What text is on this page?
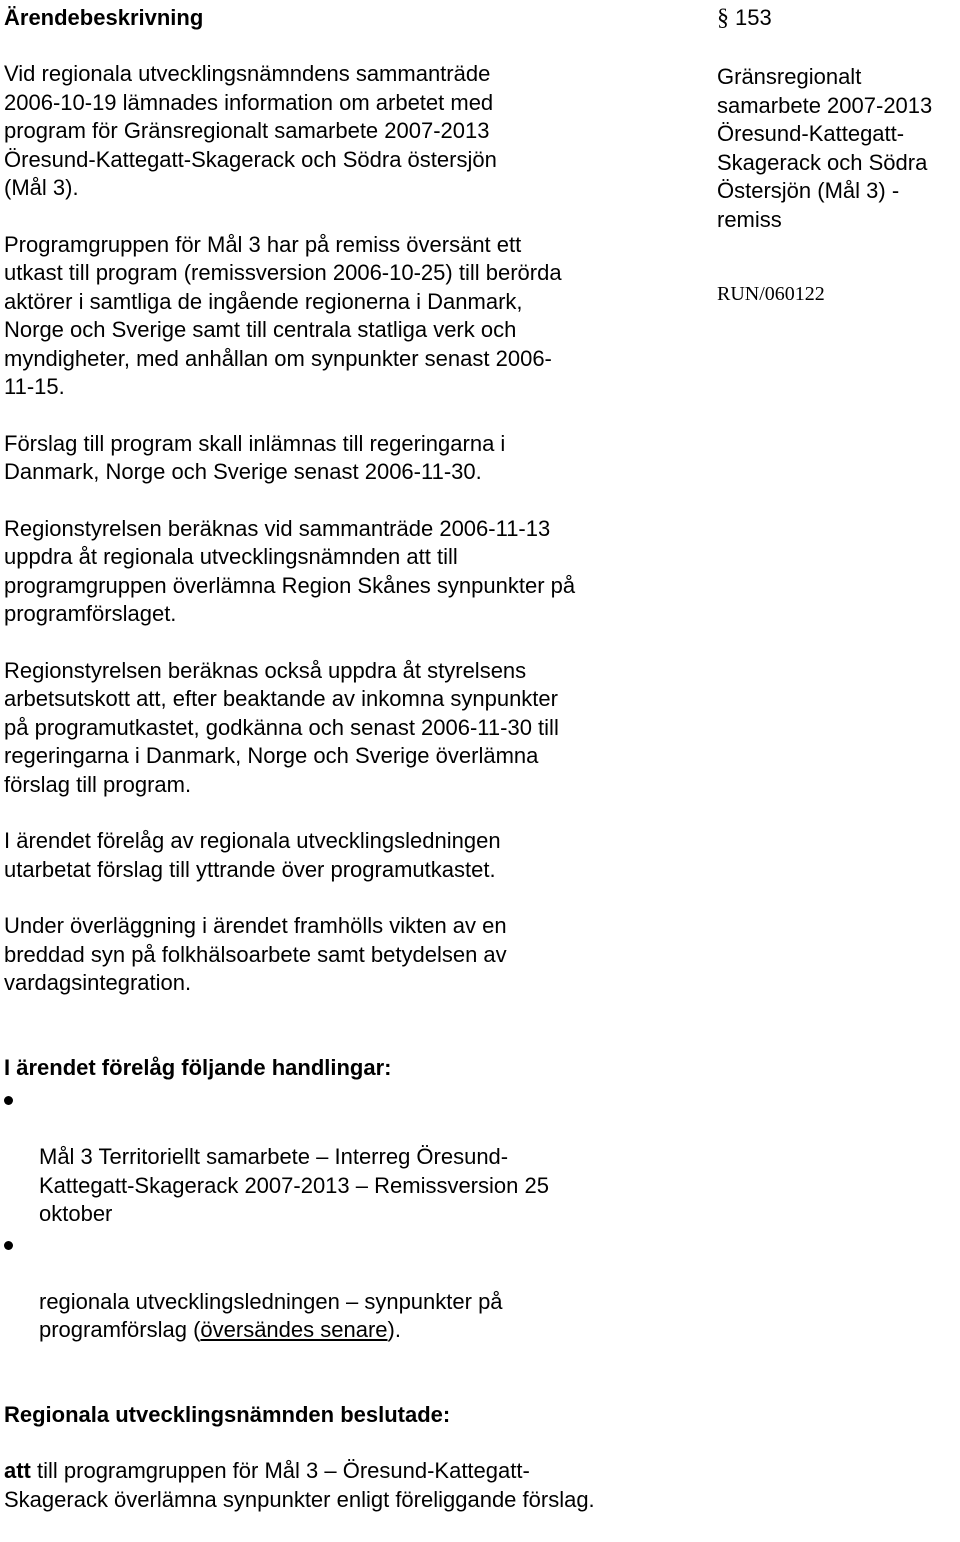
Ärendebeskrivning

Vid regionala utvecklingsnämndens sammanträde
2006-10-19 lämnades information om arbetet med
program för Gränsregionalt samarbete 2007-2013
Öresund-Kattegatt-Skagerack och Södra östersjön
(Mål 3).

Programgruppen för Mål 3 har på remiss översänt ett
utkast till program (remissversion 2006-10-25) till berörda
aktörer i samtliga de ingående regionerna i Danmark,
Norge och Sverige samt till centrala statliga verk och
myndigheter, med anhållan om synpunkter senast 2006-
11-15.

Förslag till program skall inlämnas till regeringarna i
Danmark, Norge och Sverige senast 2006-11-30.

Regionstyrelsen beräknas vid sammanträde 2006-11-13
uppdra åt regionala utvecklingsnämnden att till
programgruppen överlämna Region Skånes synpunkter på
programförslaget.

Regionstyrelsen beräknas också uppdra åt styrelsens
arbetsutskott att, efter beaktande av inkomna synpunkter
på programutkastet, godkänna och senast 2006-11-30 till
regeringarna i Danmark, Norge och Sverige överlämna
förslag till program.

I ärendet förelåg av regionala utvecklingsledningen
utarbetat förslag till yttrande över programutkastet.

Under överläggning i ärendet framhölls vikten av en
breddad syn på folkhälsoarbete samt betydelsen av
vardagsintegration.

I ärendet förelåg följande handlingar:

Mål 3 Territoriellt samarbete – Interreg Öresund-
Kattegatt-Skagerack 2007-2013 – Remissversion 25
oktober

regionala utvecklingsledningen – synpunkter på
programförslag (översändes senare).

Regionala utvecklingsnämnden beslutade:

att till programgruppen för Mål 3 – Öresund-Kattegatt-
Skagerack överlämna synpunkter enligt föreliggande förslag.

§ 153
Gränsregionalt
samarbete 2007-2013
Öresund-Kattegatt-
Skagerack och Södra
Östersjön (Mål 3) -
remiss
RUN/060122
